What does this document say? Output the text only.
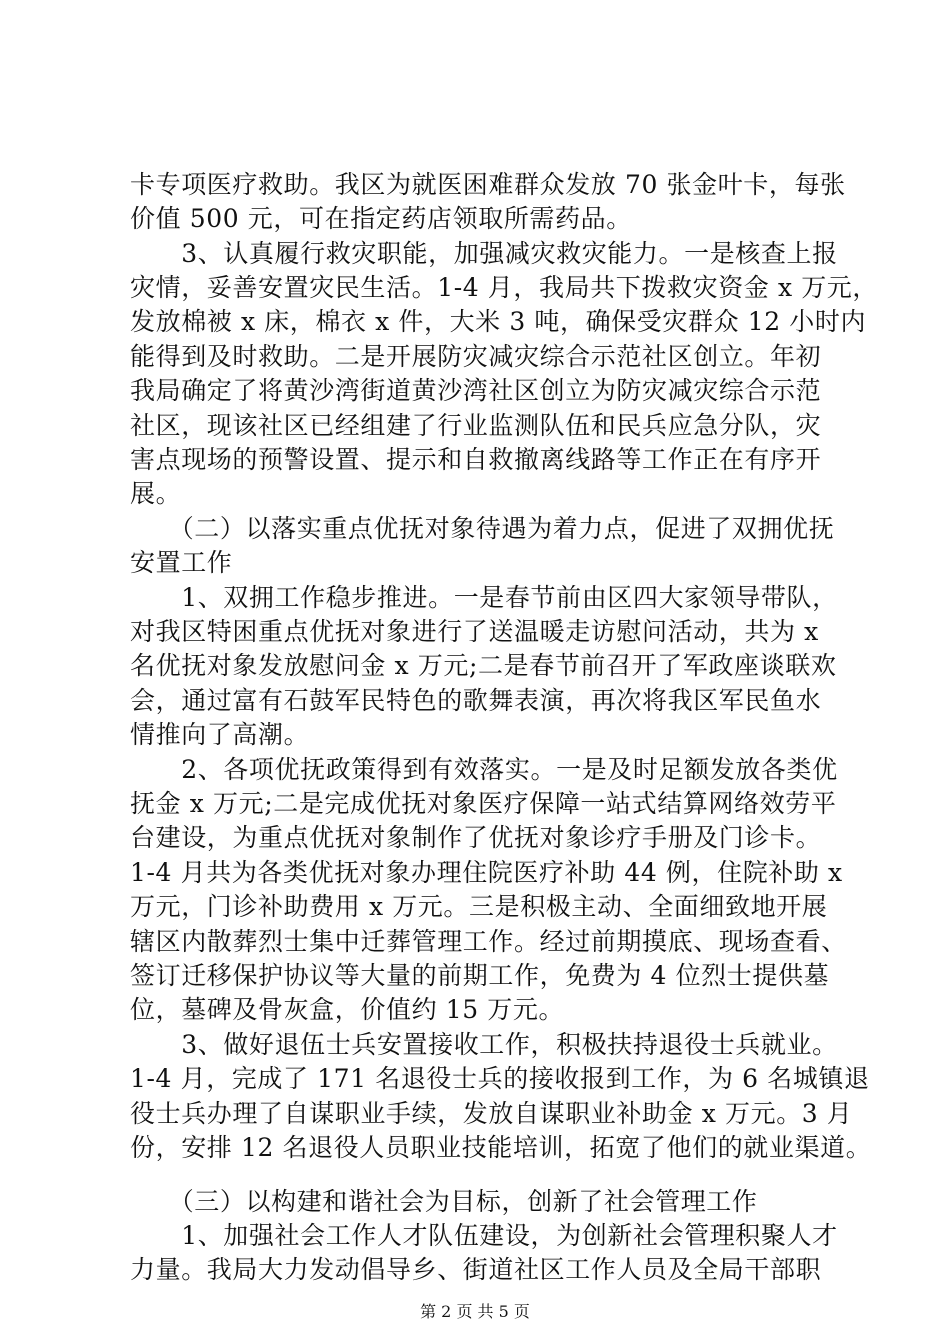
卡专项医疗救助。我区为就医困难群众发放 70 张金叶卡，每张
价值 500 元，可在指定药店领取所需药品。
　　3、认真履行救灾职能，加强减灾救灾能力。一是核查上报
灾情，妥善安置灾民生活。1-4 月，我局共下拨救灾资金 x 万元，
发放棉被 x 床，棉衣 x 件，大米 3 吨，确保受灾群众 12 小时内
能得到及时救助。二是开展防灾减灾综合示范社区创立。年初
我局确定了将黄沙湾街道黄沙湾社区创立为防灾减灾综合示范
社区，现该社区已经组建了行业监测队伍和民兵应急分队，灾
害点现场的预警设置、提示和自救撤离线路等工作正在有序开
展。
　　（二）以落实重点优抚对象待遇为着力点，促进了双拥优抚
安置工作
　　1、双拥工作稳步推进。一是春节前由区四大家领导带队，
对我区特困重点优抚对象进行了送温暖走访慰问活动，共为 x
名优抚对象发放慰问金 x 万元;二是春节前召开了军政座谈联欢
会，通过富有石鼓军民特色的歌舞表演，再次将我区军民鱼水
情推向了高潮。
　　2、各项优抚政策得到有效落实。一是及时足额发放各类优
抚金 x 万元;二是完成优抚对象医疗保障一站式结算网络效劳平
台建设，为重点优抚对象制作了优抚对象诊疗手册及门诊卡。
1-4 月共为各类优抚对象办理住院医疗补助 44 例，住院补助 x
万元，门诊补助费用 x 万元。三是积极主动、全面细致地开展
辖区内散葬烈士集中迁葬管理工作。经过前期摸底、现场查看、
签订迁移保护协议等大量的前期工作，免费为 4 位烈士提供墓
位，墓碑及骨灰盒，价值约 15 万元。
　　3、做好退伍士兵安置接收工作，积极扶持退役士兵就业。
1-4 月，完成了 171 名退役士兵的接收报到工作，为 6 名城镇退
役士兵办理了自谋职业手续，发放自谋职业补助金 x 万元。3 月
份，安排 12 名退役人员职业技能培训，拓宽了他们的就业渠道。
　　（三）以构建和谐社会为目标，创新了社会管理工作
　　1、加强社会工作人才队伍建设，为创新社会管理积聚人才
力量。我局大力发动倡导乡、街道社区工作人员及全局干部职
第 2 页 共 5 页
